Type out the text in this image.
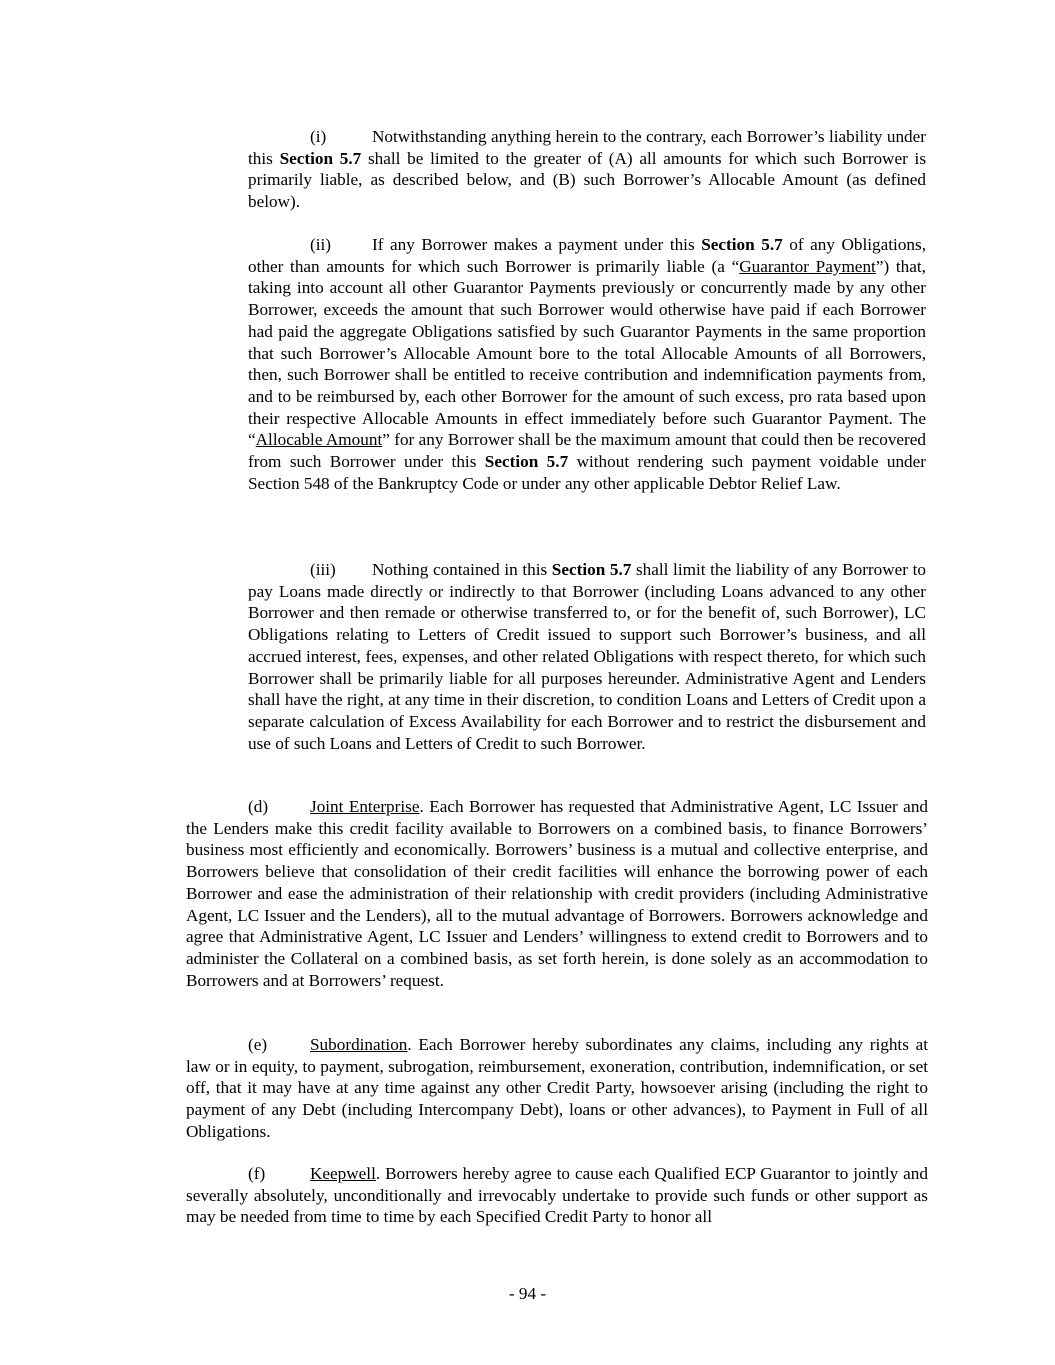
(i)	Notwithstanding anything herein to the contrary, each Borrower’s liability under this Section 5.7 shall be limited to the greater of (A) all amounts for which such Borrower is primarily liable, as described below, and (B) such Borrower’s Allocable Amount (as defined below).

(ii) If any Borrower makes a payment under this Section 5.7 of any Obligations, other than amounts for which such Borrower is primarily liable (a “Guarantor Payment”) that, taking into account all other Guarantor Payments previously or concurrently made by any other Borrower, exceeds the amount that such Borrower would otherwise have paid if each Borrower had paid the aggregate Obligations satisfied by such Guarantor Payments in the same proportion that such Borrower’s Allocable Amount bore to the total Allocable Amounts of all Borrowers, then, such Borrower shall be entitled to receive contribution and indemnification payments from, and to be reimbursed by, each other Borrower for the amount of such excess, pro rata based upon their respective Allocable Amounts in effect immediately before such Guarantor Payment. The “Allocable Amount” for any Borrower shall be the maximum amount that could then be recovered from such Borrower under this Section 5.7 without rendering such payment voidable under Section 548 of the Bankruptcy Code or under any other applicable Debtor Relief Law.

(iii) Nothing contained in this Section 5.7 shall limit the liability of any Borrower to pay Loans made directly or indirectly to that Borrower (including Loans advanced to any other Borrower and then remade or otherwise transferred to, or for the benefit of, such Borrower), LC Obligations relating to Letters of Credit issued to support such Borrower’s business, and all accrued interest, fees, expenses, and other related Obligations with respect thereto, for which such Borrower shall be primarily liable for all purposes hereunder. Administrative Agent and Lenders shall have the right, at any time in their discretion, to condition Loans and Letters of Credit upon a separate calculation of Excess Availability for each Borrower and to restrict the disbursement and use of such Loans and Letters of Credit to such Borrower.

(d) Joint Enterprise. Each Borrower has requested that Administrative Agent, LC Issuer and the Lenders make this credit facility available to Borrowers on a combined basis, to finance Borrowers’ business most efficiently and economically. Borrowers’ business is a mutual and collective enterprise, and Borrowers believe that consolidation of their credit facilities will enhance the borrowing power of each Borrower and ease the administration of their relationship with credit providers (including Administrative Agent, LC Issuer and the Lenders), all to the mutual advantage of Borrowers. Borrowers acknowledge and agree that Administrative Agent, LC Issuer and Lenders’ willingness to extend credit to Borrowers and to administer the Collateral on a combined basis, as set forth herein, is done solely as an accommodation to Borrowers and at Borrowers’ request.

(e) Subordination. Each Borrower hereby subordinates any claims, including any rights at law or in equity, to payment, subrogation, reimbursement, exoneration, contribution, indemnification, or set off, that it may have at any time against any other Credit Party, howsoever arising (including the right to payment of any Debt (including Intercompany Debt), loans or other advances), to Payment in Full of all Obligations.

(f)	Keepwell. Borrowers hereby agree to cause each Qualified ECP Guarantor to jointly and severally absolutely, unconditionally and irrevocably undertake to provide such funds or other support as may be needed from time to time by each Specified Credit Party to honor all

- 94 -
